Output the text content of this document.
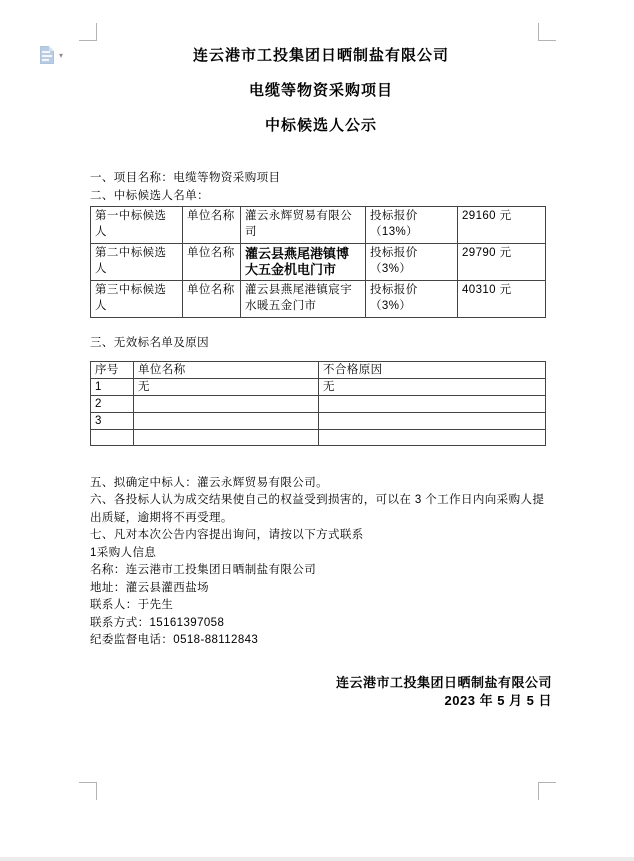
▾	连云港市工投集团日晒制盐有限公司
电缆等物资采购项目
中标候选人公示

一、项目名称：电缆等物资采购项目

二、中标候选人名单：

第一中标候选人	单位名称	灌云永辉贸易有限公司	投标报价（13%）	29160 元
第二中标候选人	单位名称	灌云县燕尾港镇博大五金机电门市	投标报价（3%）	29790 元
第三中标候选人	单位名称	灌云县燕尾港镇宸宇水暖五金门市	投标报价（3%）	40310 元

三、无效标名单及原因

序号	单位名称	不合格原因
1	无	无
2		
3		

五、拟确定中标人：灌云永辉贸易有限公司。

六、各投标人认为成交结果使自己的权益受到损害的，可以在 3 个工作日内向采购人提出质疑，逾期将不再受理。

七、凡对本次公告内容提出询问，请按以下方式联系

1采购人信息

名称：连云港市工投集团日晒制盐有限公司

地址：灌云县灌西盐场

联系人：于先生

联系方式：15161397058

纪委监督电话：0518-88112843

连云港市工投集团日晒制盐有限公司

2023 年 5 月 5 日
